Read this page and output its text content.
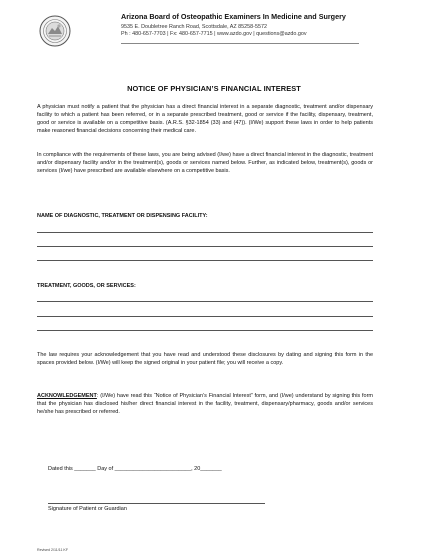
Arizona Board of Osteopathic Examiners In Medicine and Surgery
9535 E. Doubletree Ranch Road, Scottsdale, AZ 85258-5572
Ph : 480-657-7703 | Fx: 480-657-7715 | www.azdo.gov | questions@azdo.gov
NOTICE OF PHYSICIAN’S FINANCIAL INTEREST

A physician must notify a patient that the physician has a direct financial interest in a separate diagnostic, treatment and/or dispensary facility to which a patient has been referred, or in a separate prescribed treatment, good or service if the facility, dispensary, treatment, good or service is available on a competitive basis. (A.R.S. §32-1854 (33) and (47)). (I/We) support these laws in order to help patients make reasoned financial decisions concerning their medical care.

In compliance with the requirements of these laws, you are being advised (I/we) have a direct financial interest in the diagnostic, treatment and/or dispensary facility and/or in the treatment(s), goods or services named below. Further, as indicated below, treatment(s), goods or services (I/we) have prescribed are available elsewhere on a competitive basis.

NAME OF DIAGNOSTIC, TREATMENT OR DISPENSING FACILITY:
TREATMENT, GOODS, OR SERVICES:

The law requires your acknowledgement that you have read and understood these disclosures by dating and signing this form in the spaces provided below. (I/We) will keep the signed original in your patient file; you will receive a copy.

ACKNOWLEDGEMENT: (I/We) have read this “Notice of Physician’s Financial Interest” form, and (I/we) understand by signing this form that the physician has disclosed his/her direct financial interest in the facility, treatment, dispensary/pharmacy, goods and/or services he/she has prescribed or referred.

Dated this _______ Day of _________________________, 20_______
Signature of Patient or Guardian
Revised 2/11/11 KF
